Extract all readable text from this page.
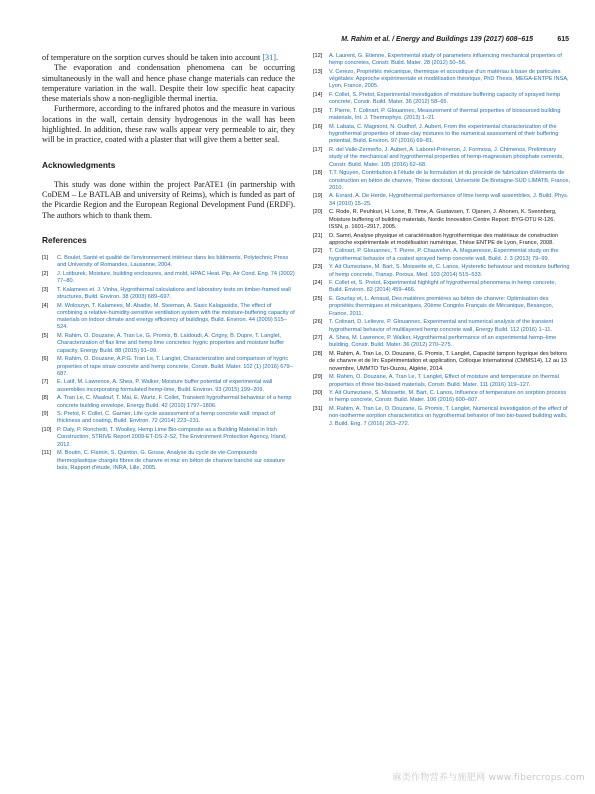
M. Rahim et al. / Energy and Buildings 139 (2017) 608–615	615

of temperature on the sorption curves should be taken into account [31].

The evaporation and condensation phenomena can be occurring simultaneously in the wall and hence phase change materials can reduce the temperature variation in the wall. Despite their low specific heat capacity these materials show a non-negligible thermal inertia.

Furthermore, according to the infrared photos and the measure in various locations in the wall, certain density hydrogenous in the wall has been highlighted. In addition, these raw walls appear very permeable to air, they will be in practice, coated with a plaster that will give them a better seal.

Acknowledgments

This study was done within the project ParATE1 (in partnership with CoDEM – Le BATLAB and university of Reims), which is funded as part of the Picardie Region and the European Regional Development Fund (ERDF). The authors which to thank them.

References
[1] C. Boulet, Santé et qualité de l'environnement intérieur dans les bâtiments, Polytechnic Press and University of Romandes, Lausanne, 2004.
[2] J. Lstiburek, Moisture, building enclosures, and mold, HPAC Heat. Pip. Air Cond. Eng. 74 (2002) 77–80.
[3] T. Kalamees et. J. Vinha, Hygrothermal calculations and laboratory tests on timber-framed wall structures, Build. Environ. 38 (2003) 689–697.
[4] M. Woloszyn, T. Kalamees, M. Abadie, M. Steeman, A. Sasic Kalagasidis, The effect of combining a relative-humidity-sensitive ventilation system with the moisture-buffering capacity of materials on indoor climate and energy efficiency of buildings, Build. Environ. 44 (2009) 515–524.
[5] M. Rahim, O. Douzane, A. Tran Le, G. Promis, B. Laidoudi, A. Crigny, B. Dupre, T. Langlet, Characterization of flax lime and hemp lime concretes: hygric properties and moisture buffer capacity, Energy Build. 88 (2015) 91–99.
[6] M. Rahim, O. Douzane, A.P.G. Tran Le, T. Langlet, Characterization and comparison of hygric properties of rape straw concrete and hemp concrete, Constr. Build. Mater. 102 (1) (2016) 679–687.
[7] E. Latif, M. Lawrence, A. Shea, P. Walker, Moisture buffer potential of experimental wall assemblies incorporating formulated hemp-lime, Build. Environ. 93 (2015) 199–209.
[8] A. Tran Le, C. Maalouf, T. Mai, E. Wurtz, F. Collet, Transient hygrothermal behaviour of a hemp concrete building envelope, Energy Build. 42 (2010) 1797–1806.
[9] S. Pretot, F. Collet, C. Garnier, Life cycle assessment of a hemp concrete wall: impact of thickness and coating, Build. Environ. 72 (2014) 223–231.
[10] P. Daly, P. Ronchetti, T. Woolley, Hemp Lime Bio-composite as a Building Material in Irish Construction, STRIVE Report 2009-ET-DS-2-S2, The Environment Protection Agency, Irland, 2012.
[11] M. Boutin, C. Flamin, S. Quinton, G. Gosse, Analyse du cycle de vie-Compounds thermoplastique chargés fibres de chanvre et mur en béton de chanvre banché sur ossature bois, Rapport d'étude, INRA, Lille, 2005.
[12] A. Laurent, G. Etienne, Experimental study of parameters influencing mechanical properties of hemp concretes, Constr. Build. Mater. 28 (2012) 50–56.
[13] V. Cerezo, Propriétés mécanique, thermique et acoustique d'un matériau à base de particules végétales: Approche expérimentale et modélisation théorique, PhD Thesis, MEGA-ENTPE INSA, Lyon, France, 2005.
[14] F. Collet, S. Pretot, Experimental investigation of moisture buffering capacity of sprayed hemp concrete, Constr. Build. Mater. 36 (2012) 58–65.
[15] T. Pierre, T. Colinart, P. Glouannec, Measurement of thermal properties of biosourced building materials, Int. J. Thermophys. (2013) 1–21.
[16] M. Labata, C. Magniont, N. Oudhof, J. Aubert, From the experimental characterization of the hygrothermal properties of straw-clay mixtures to the numerical assessment of their buffering potential, Build. Environ. 97 (2016) 69–81.
[17] R. del Valle-Zermeño, J. Aubert, A. Laborel-Préneron, J. Formosa, J. Chimenos, Preliminary study of the mechanical and hygrothermal properties of hemp-magnesium phosphate cements, Constr. Build. Mater. 105 (2016) 62–68.
[18] T.T. Nguyen, Contribution à l'étude de la formulation et du procédé de fabrication d'éléments de construction en béton de chanvre, Thèse doctorat, Université De Bretagne-SUD LIMATB, France, 2010.
[19] A. Evrard, A. De Herde, Hygrothermal performance of lime hemp wall assemblies, J. Build. Phys. 34 (2010) 15–25.
[20] C. Rode, R. Peuhkuri, H. Lone, B. Time, A. Gustavsen, T. Ojanen, J. Ahonen, K. Svennberg, Moisture buffering of building materials, Nordic Innovation Centre Report: BYG-DTU R-126. ISSN, p. 1601–2917, 2005.
[21] D. Samri, Analyse physique et caractérisation hygrothermique des matériaux de construction approche expérimentale et modélisation numérique, Thèse ENTPE de Lyon, France, 2008.
[22] T. Colinart, P. Glouannec, T. Pierre, P. Chauvelon, A. Magueresse, Experimental study on the hygrothermal behavior of a coated sprayed hemp concrete wall, Build. J. 3 (2013) 79–99.
[23] Y. Ait Oumeziane, M. Bart, S. Moissette et, C. Lanos, Hysteretic behaviour and moisture buffering of hemp concrete, Transp. Porous. Med. 103 (2014) 515–533.
[24] F. Collet et, S. Pretot, Experimental highlight of hygrothermal phenomena in hemp concrete, Build. Environ. 82 (2014) 459–466.
[25] E. Gourlay et, L. Arnaud, Des matières premières au béton de chanvre: Optimisation des propriétés thermiques et mécaniques, 20ème Congrès Français de Mécanique, Besançon, France, 2011.
[26] T. Colinart, D. Lelievre, P. Glouannec, Experimental and numerical analysis of the transient hygrothermal behavior of multilayered hemp concrete wall, Energy Build. 112 (2016) 1–11.
[27] A. Shea, M. Lawrence, P. Walker, Hygrothermal performance of an experimental hemp–lime building, Constr. Build. Mater. 36 (2012) 270–275.
[28] M. Rahim, A. Tran Le, O. Douzane, G. Promis, T. Langlet, Capacité tampon hygrique des bétons de chanvre et de lin: Expérimentation et application, Colloque International (CMMS14), 12 au 13 novembre, UMMTO Tizi-Ouzou, Algérie, 2014.
[29] M. Rahim, O. Douzane, A. Tran Le, T. Langlet, Effect of moisture and temperature on thermal properties of three bio-based materials, Constr. Build. Mater. 111 (2016) 119–127.
[30] Y. Ait Oumeziane, S. Moissette, M. Bart, C. Lanos, Influence of temperature on sorption process in hemp concrete, Constr. Build. Mater. 106 (2016) 600–607.
[31] M. Rahim, A. Tran Le, O. Douzane, G. Promis, T. Langlet, Numerical investigation of the effect of non-isotherme sorption characteristics on hygrothermal behavior of two bio-based building walls, J. Build. Eng. 7 (2016) 263–272.
麻类作物营养与施肥网 www.fibercrops.com
